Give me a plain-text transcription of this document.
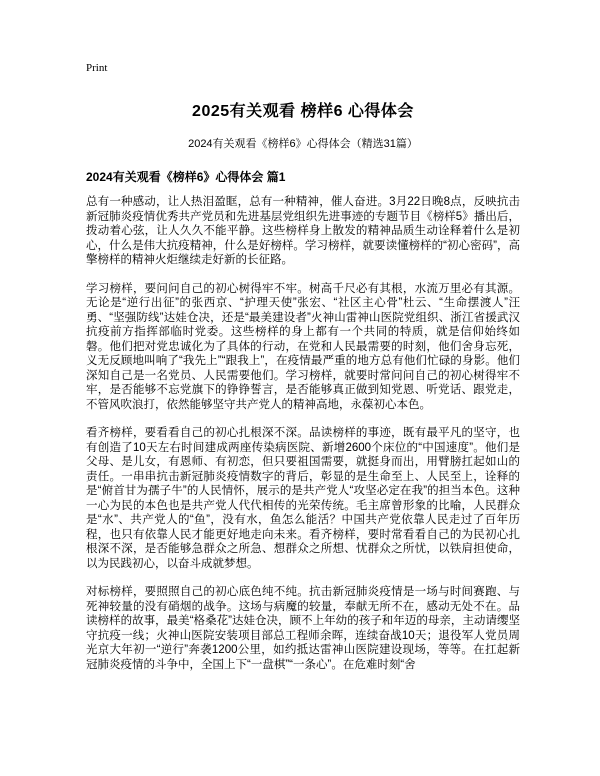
Print
2025有关观看 榜样6 心得体会
2024有关观看《榜样6》心得体会（精选31篇）
2024有关观看《榜样6》心得体会 篇1

总有一种感动，让人热泪盈眶，总有一种精神，催人奋进。3月22日晚8点，反映抗击新冠肺炎疫情优秀共产党员和先进基层党组织先进事迹的专题节目《榜样5》播出后，拨动着心弦，让人久久不能平静。这些榜样身上散发的精神品质生动诠释着什么是初心，什么是伟大抗疫精神，什么是好榜样。学习榜样，就要读懂榜样的“初心密码”，高擎榜样的精神火炬继续走好新的长征路。

学习榜样，要问问自己的初心树得牢不牢。树高千尺必有其根，水流万里必有其源。无论是“逆行出征”的张西京、“护理天使”张宏、“社区主心骨”杜云、“生命摆渡人”汪勇、“坚强防线”达娃仓决，还是“最美建设者”火神山雷神山医院党组织、浙江省援武汉抗疫前方指挥部临时党委。这些榜样的身上都有一个共同的特质，就是信仰始终如磐。他们把对党忠诚化为了具体的行动，在党和人民最需要的时刻，他们舍身忘死，义无反顾地叫响了“我先上”“跟我上”，在疫情最严重的地方总有他们忙碌的身影。他们深知自己是一名党员、人民需要他们。学习榜样，就要时常问问自己的初心树得牢不牢，是否能够不忘党旗下的铮铮誓言，是否能够真正做到知党恩、听党话、跟党走，不管风吹浪打，依然能够坚守共产党人的精神高地，永葆初心本色。

看齐榜样，要看看自己的初心扎根深不深。品读榜样的事迹，既有最平凡的坚守，也有创造了10天左右时间建成两座传染病医院、新增2600个床位的“中国速度”。他们是父母、是儿女，有恩师、有初恋，但只要祖国需要，就挺身而出，用臂膀扛起如山的责任。一串串抗击新冠肺炎疫情数字的背后，彰显的是生命至上、人民至上，诠释的是“俯首甘为孺子牛”的人民情怀，展示的是共产党人“攻坚必定在我”的担当本色。这种一心为民的本色也是共产党人代代相传的光荣传统。毛主席曾形象的比喻，人民群众是“水”、共产党人的“鱼”，没有水，鱼怎么能活？中国共产党依靠人民走过了百年历程，也只有依靠人民才能更好地走向未来。看齐榜样，要时常看看自己的为民初心扎根深不深，是否能够急群众之所急、想群众之所想、忧群众之所忧，以铁肩担使命，以为民践初心，以奋斗成就梦想。

对标榜样，要照照自己的初心底色纯不纯。抗击新冠肺炎疫情是一场与时间赛跑、与死神较量的没有硝烟的战争。这场与病魔的较量，奉献无所不在，感动无处不在。品读榜样的故事，最美“格桑花”达娃仓决，顾不上年幼的孩子和年迈的母亲，主动请缨坚守抗疫一线；火神山医院安装项目部总工程师余晖，连续奋战10天；退役军人党员周光京大年初一“逆行”奔袭1200公里，如约抵达雷神山医院建设现场，等等。在扛起新冠肺炎疫情的斗争中，全国上下“一盘棋”“一条心”。在危难时刻“舍
